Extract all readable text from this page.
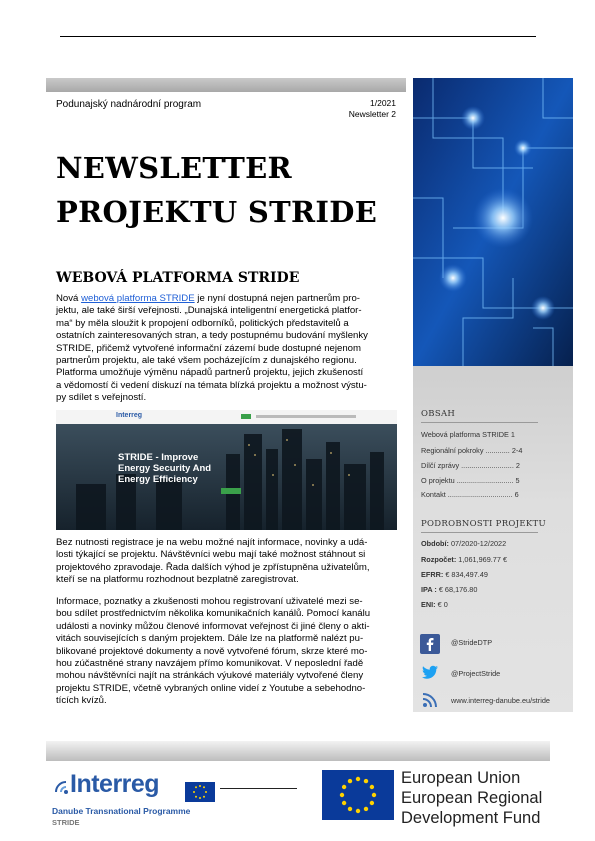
Podunajský nadnárodní program	1/2021
Newsletter 2
NEWSLETTER
PROJEKTU STRIDE
WEBOVÁ PLATFORMA STRIDE
Nová webová platforma STRIDE je nyní dostupná nejen partnerům pro-
jektu, ale také širší veřejnosti. „Dunajská inteligentní energetická platfor-
ma“ by měla sloužit k propojení odborníků, politických představitelů a
ostatních zainteresovaných stran, a tedy postupnému budování myšlenky
STRIDE, přičemž vytvořené informační zázemí bude dostupné nejenom
partnerům projektu, ale také všem pocházejícím z dunajského regionu.
Platforma umožňuje výměnu nápadů partnerů projektu, jejich zkušeností
a vědomostí či vedení diskuzí na témata blízká projektu a možnost výstu-
py sdílet s veřejností.
Interreg
STRIDE - Improve
Energy Security And
Energy Efficiency
Bez nutnosti registrace je na webu možné najít informace, novinky a udá-
losti týkající se projektu. Návštěvníci webu mají také možnost stáhnout si
projektového zpravodaje. Řada dalších výhod je zpřístupněna uživatelům,
kteří se na platformu rozhodnout bezplatně zaregistrovat.
Informace, poznatky a zkušenosti mohou registrovaní uživatelé mezi se-
bou sdílet prostřednictvím několika komunikačních kanálů. Pomocí kanálu
události a novinky můžou členové informovat veřejnost či jiné členy o akti-
vitách souvisejících s daným projektem. Dále lze na platformě nalézt pu-
blikované projektové dokumenty a nově vytvořené fórum, skrze které mo-
hou zúčastněné strany navzájem přímo komunikovat. V neposlední řadě
mohou návštěvníci najít na stránkách výukové materiály vytvořené členy
projektu STRIDE, včetně vybraných online videí z Youtube a sebehodno-
tících kvízů.
OBSAH
Webová platforma STRIDE 1
Regionální pokroky ............ 2-4
Dílčí zprávy .......................... 2
O projektu ............................ 5
Kontakt ................................ 6
PODROBNOSTI PROJEKTU
Období: 07/2020-12/2022
Rozpočet: 1,061,969.77 €
EFRR: € 834,497.49
IPA : € 68,176.80
ENI: € 0
@StrideDTP
@ProjectStride
www.interreg-danube.eu/stride
Interreg
Danube Transnational Programme
STRIDE
European Union
European Regional
Development Fund
